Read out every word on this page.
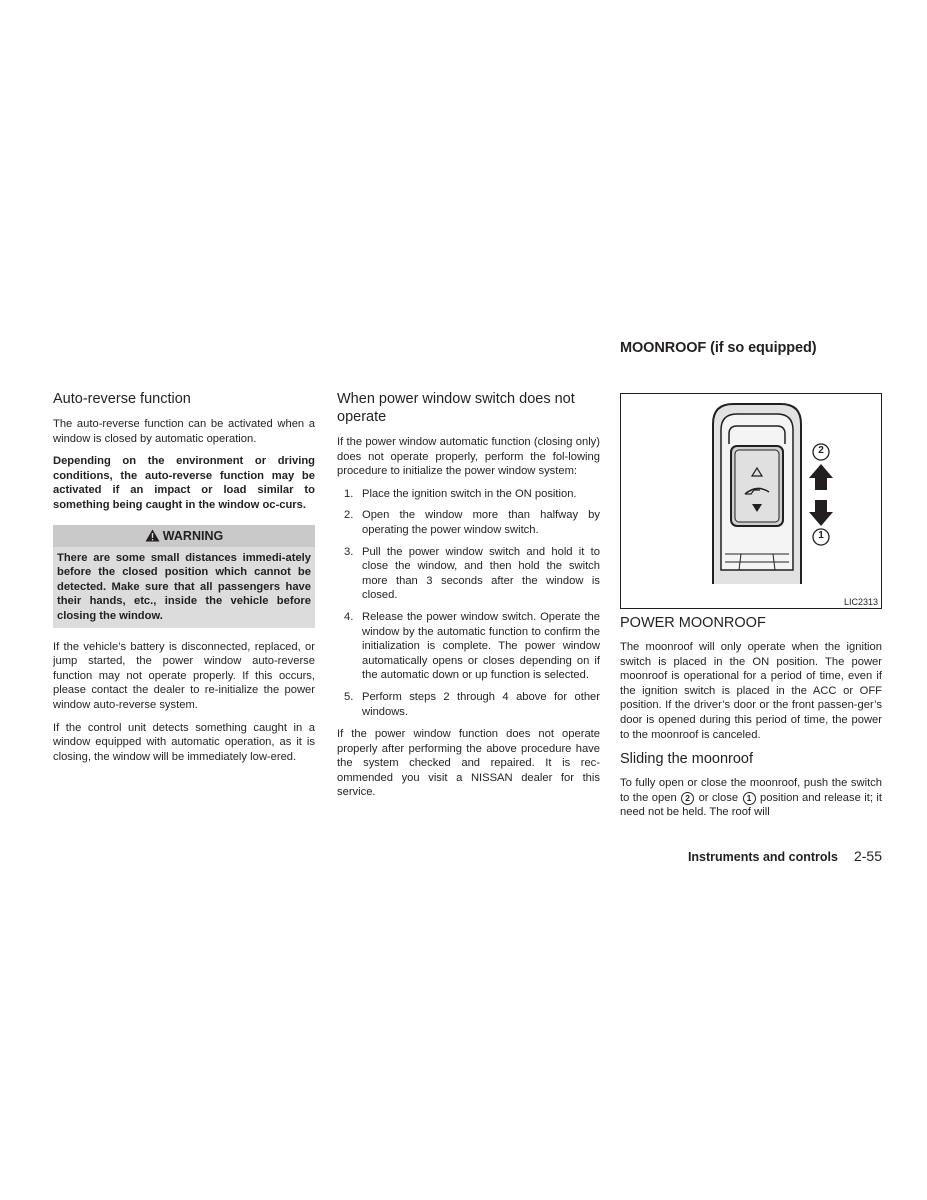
MOONROOF (if so equipped)
Auto-reverse function
The auto-reverse function can be activated when a window is closed by automatic operation.
Depending on the environment or driving conditions, the auto-reverse function may be activated if an impact or load similar to something being caught in the window oc-curs.
WARNING
There are some small distances immedi-ately before the closed position which cannot be detected. Make sure that all passengers have their hands, etc., inside the vehicle before closing the window.
If the vehicle’s battery is disconnected, replaced, or jump started, the power window auto-reverse function may not operate properly. If this occurs, please contact the dealer to re-initialize the power window auto-reverse system.
If the control unit detects something caught in a window equipped with automatic operation, as it is closing, the window will be immediately low-ered.
When power window switch does not operate
If the power window automatic function (closing only) does not operate properly, perform the fol-lowing procedure to initialize the power window system:
1. Place the ignition switch in the ON position.
2. Open the window more than halfway by operating the power window switch.
3. Pull the power window switch and hold it to close the window, and then hold the switch more than 3 seconds after the window is closed.
4. Release the power window switch. Operate the window by the automatic function to confirm the initialization is complete. The power window automatically opens or closes depending on if the automatic down or up function is selected.
5. Perform steps 2 through 4 above for other windows.
If the power window function does not operate properly after performing the above procedure have the system checked and repaired. It is rec-ommended you visit a NISSAN dealer for this service.
2
1
LIC2313
POWER MOONROOF
The moonroof will only operate when the ignition switch is placed in the ON position. The power moonroof is operational for a period of time, even if the ignition switch is placed in the ACC or OFF position. If the driver’s door or the front passen-ger’s door is opened during this period of time, the power to the moonroof is canceled.
Sliding the moonroof
To fully open or close the moonroof, push the switch to the open 2 or close 1 position and release it; it need not be held. The roof will
Instruments and controls 2-55
